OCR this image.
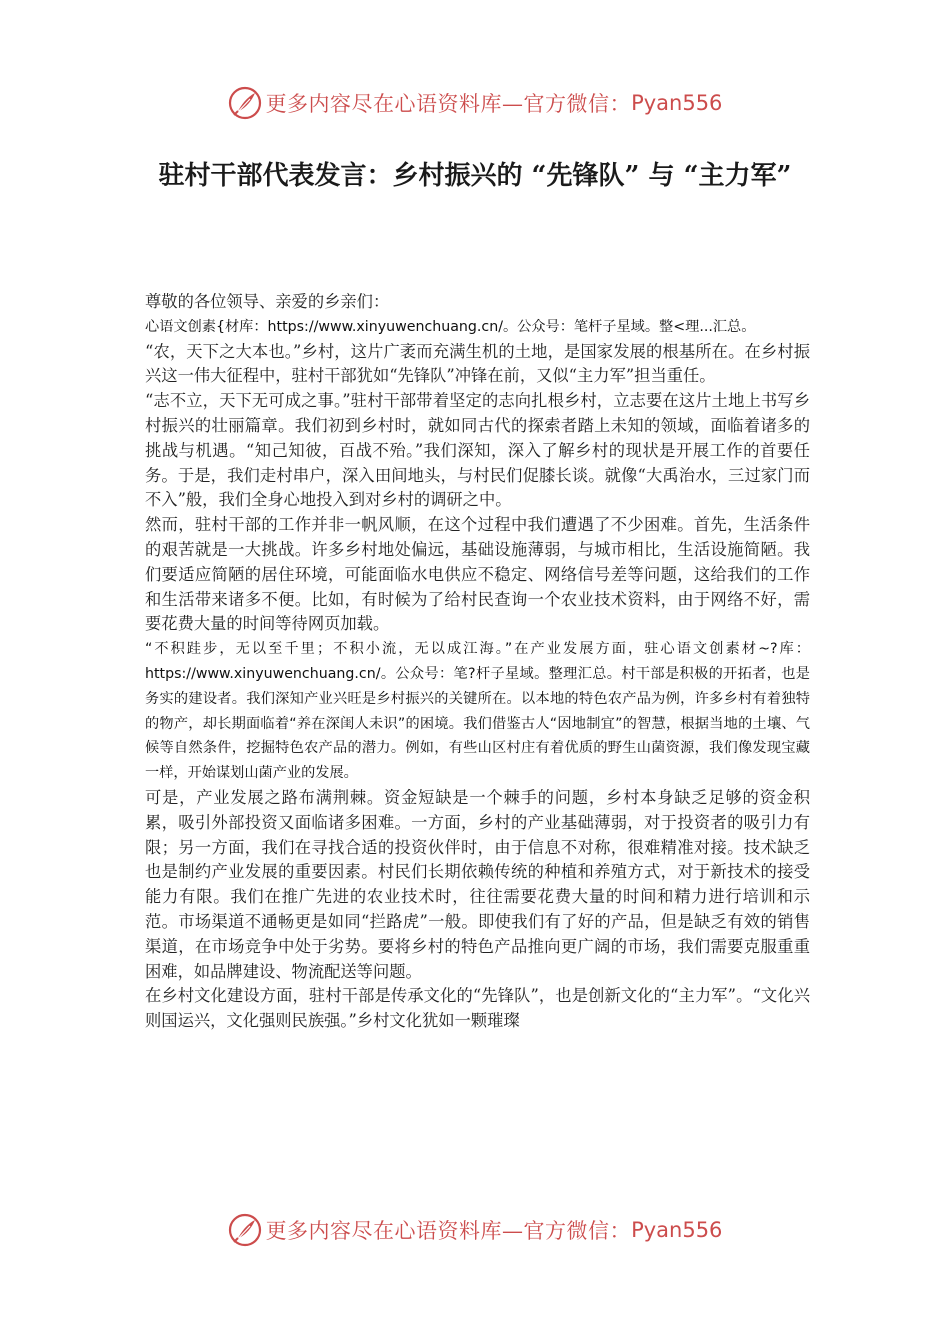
更多内容尽在心语资料库—官方微信： Pyan556
驻村干部代表发言：乡村振兴的 “先锋队” 与 “主力军”

尊敬的各位领导、亲爱的乡亲们：

心语文创素{材库：https://www.xinyuwenchuang.cn/。公众号：笔杆子星域。整<理...汇总。

“农，天下之大本也。”乡村，这片广袤而充满生机的土地，是国家发展的根基所在。在乡村振兴这一伟大征程中，驻村干部犹如“先锋队”冲锋在前，又似“主力军”担当重任。

“志不立，天下无可成之事。”驻村干部带着坚定的志向扎根乡村，立志要在这片土地上书写乡村振兴的壮丽篇章。我们初到乡村时，就如同古代的探索者踏上未知的领域，面临着诸多的挑战与机遇。“知己知彼，百战不殆。”我们深知，深入了解乡村的现状是开展工作的首要任务。于是，我们走村串户，深入田间地头，与村民们促膝长谈。就像“大禹治水，三过家门而不入”般，我们全身心地投入到对乡村的调研之中。

然而，驻村干部的工作并非一帆风顺，在这个过程中我们遭遇了不少困难。首先，生活条件的艰苦就是一大挑战。许多乡村地处偏远，基础设施薄弱，与城市相比，生活设施简陋。我们要适应简陋的居住环境，可能面临水电供应不稳定、网络信号差等问题，这给我们的工作和生活带来诸多不便。比如，有时候为了给村民查询一个农业技术资料，由于网络不好，需要花费大量的时间等待网页加载。

“不积跬步，无以至千里；不积小流，无以成江海。”在产业发展方面，驻心语文创素材~?库：https://www.xinyuwenchuang.cn/。公众号：笔?杆子星域。整理汇总。村干部是积极的开拓者，也是务实的建设者。我们深知产业兴旺是乡村振兴的关键所在。以本地的特色农产品为例，许多乡村有着独特的物产，却长期面临着“养在深闺人未识”的困境。我们借鉴古人“因地制宜”的智慧，根据当地的土壤、气候等自然条件，挖掘特色农产品的潜力。例如，有些山区村庄有着优质的野生山菌资源，我们像发现宝藏一样，开始谋划山菌产业的发展。

可是，产业发展之路布满荆棘。资金短缺是一个棘手的问题，乡村本身缺乏足够的资金积累，吸引外部投资又面临诸多困难。一方面，乡村的产业基础薄弱，对于投资者的吸引力有限；另一方面，我们在寻找合适的投资伙伴时，由于信息不对称，很难精准对接。技术缺乏也是制约产业发展的重要因素。村民们长期依赖传统的种植和养殖方式，对于新技术的接受能力有限。我们在推广先进的农业技术时，往往需要花费大量的时间和精力进行培训和示范。市场渠道不通畅更是如同“拦路虎”一般。即使我们有了好的产品，但是缺乏有效的销售渠道，在市场竞争中处于劣势。要将乡村的特色产品推向更广阔的市场，我们需要克服重重困难，如品牌建设、物流配送等问题。

在乡村文化建设方面，驻村干部是传承文化的“先锋队”，也是创新文化的“主力军”。“文化兴则国运兴，文化强则民族强。”乡村文化犹如一颗璀璨

更多内容尽在心语资料库—官方微信： Pyan556
